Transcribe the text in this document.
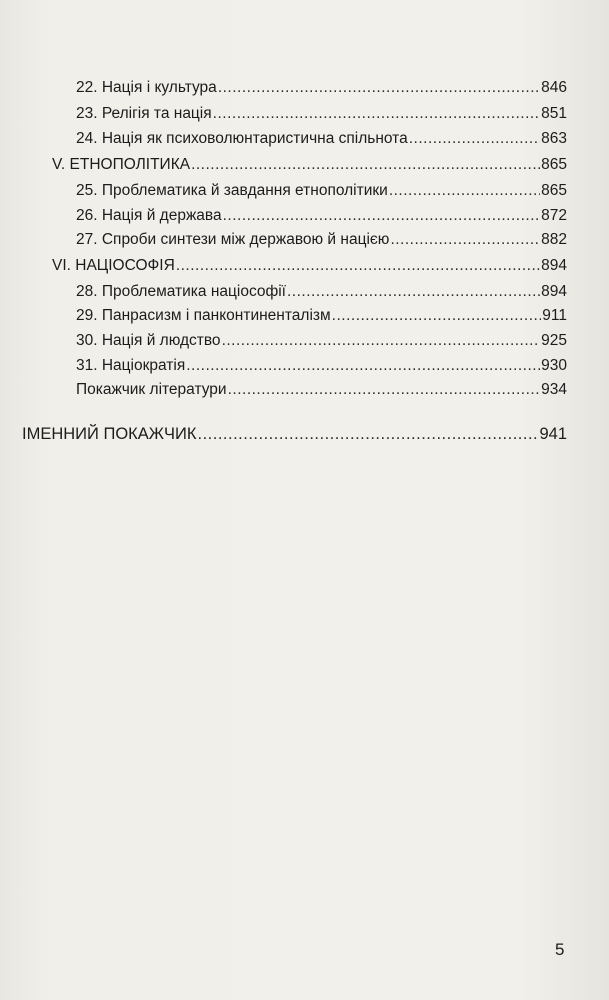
22. Нація і культура .....	846
23. Релігія та нація .....	851
24. Нація як психоволюнтаристична спільнота .....	863
V. ЕТНОПОЛІТИКА .....	865
25. Проблематика й завдання етнополітики .....	865
26. Нація й держава .....	872
27. Спроби синтези між державою й нацією .....	882
VI. НАЦІОСОФІЯ .....	894
28. Проблематика націософії .....	894
29. Панрасизм і панконтиненталізм .....	911
30. Нація й людство .....	925
31. Націократія .....	930
Покажчик літератури .....	934
ІМЕННИЙ ПОКАЖЧИК .....	941
5
